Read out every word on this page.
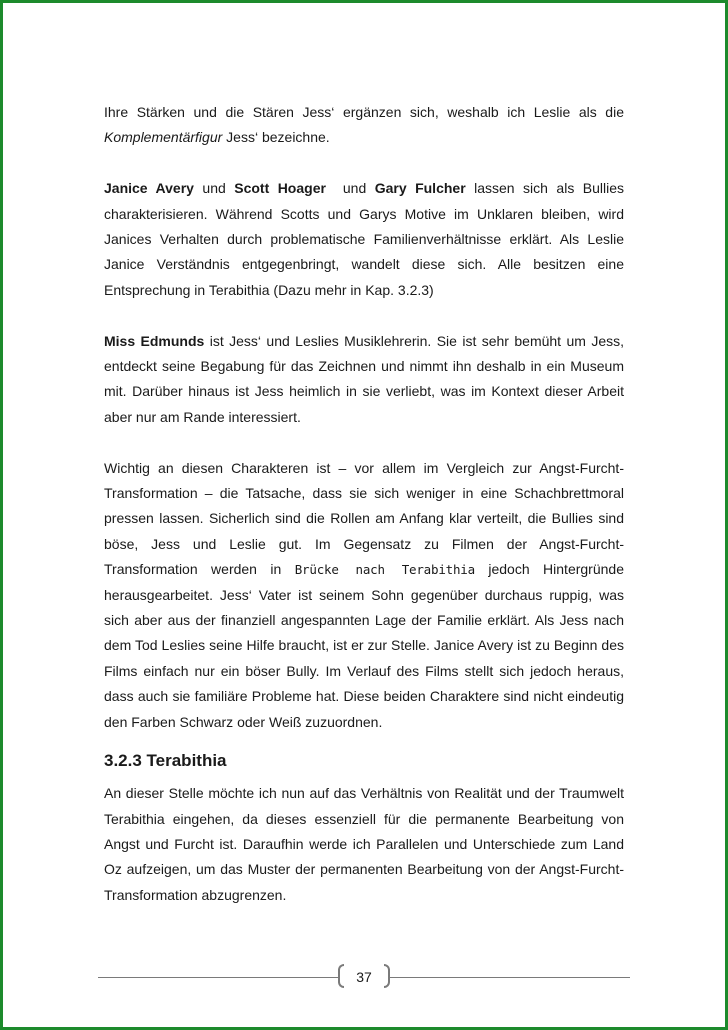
Ihre Stärken und die Stären Jess‘ ergänzen sich, weshalb ich Leslie als die Komplementärfigur Jess‘ bezeichne.

Janice Avery und Scott Hoager  und Gary Fulcher lassen sich als Bullies charakterisieren. Während Scotts und Garys Motive im Unklaren bleiben, wird Janices Verhalten durch problematische Familienverhältnisse erklärt. Als Leslie Janice Verständnis entgegenbringt, wandelt diese sich. Alle besitzen eine Entsprechung in Terabithia (Dazu mehr in Kap. 3.2.3)

Miss Edmunds ist Jess‘ und Leslies Musiklehrerin. Sie ist sehr bemüht um Jess, entdeckt seine Begabung für das Zeichnen und nimmt ihn deshalb in ein Museum mit. Darüber hinaus ist Jess heimlich in sie verliebt, was im Kontext dieser Arbeit aber nur am Rande interessiert.

Wichtig an diesen Charakteren ist – vor allem im Vergleich zur Angst-Furcht-Transformation – die Tatsache, dass sie sich weniger in eine Schachbrettmoral pressen lassen. Sicherlich sind die Rollen am Anfang klar verteilt, die Bullies sind böse, Jess und Leslie gut. Im Gegensatz zu Filmen der Angst-Furcht-Transformation werden in Brücke nach Terabithia jedoch Hintergründe herausgearbeitet. Jess‘ Vater ist seinem Sohn gegenüber durchaus ruppig, was sich aber aus der finanziell angespannten Lage der Familie erklärt. Als Jess nach dem Tod Leslies seine Hilfe braucht, ist er zur Stelle. Janice Avery ist zu Beginn des Films einfach nur ein böser Bully. Im Verlauf des Films stellt sich jedoch heraus, dass auch sie familiäre Probleme hat. Diese beiden Charaktere sind nicht eindeutig den Farben Schwarz oder Weiß zuzuordnen.

3.2.3 Terabithia

An dieser Stelle möchte ich nun auf das Verhältnis von Realität und der Traumwelt Terabithia eingehen, da dieses essenziell für die permanente Bearbeitung von Angst und Furcht ist. Daraufhin werde ich Parallelen und Unterschiede zum Land Oz aufzeigen, um das Muster der permanenten Bearbeitung von der Angst-Furcht-Transformation abzugrenzen.

37
